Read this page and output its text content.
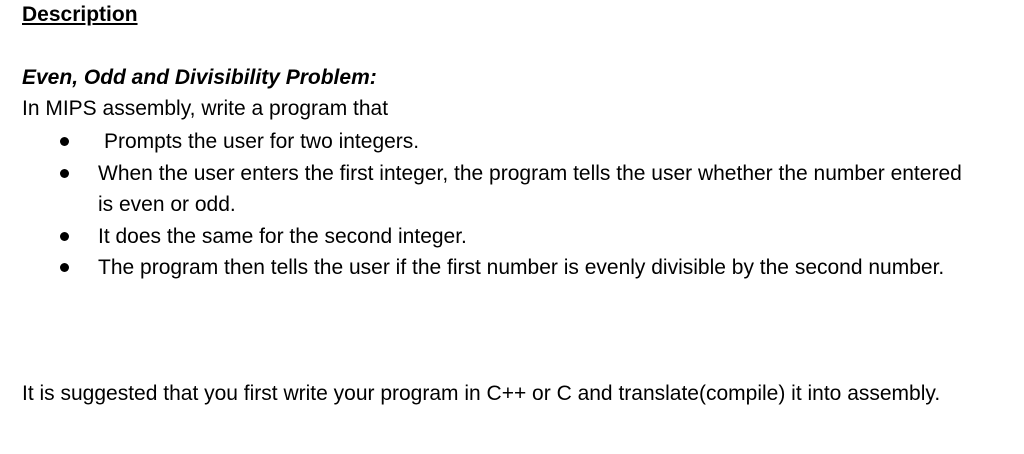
Description
Even, Odd and Divisibility Problem:
In MIPS assembly, write a program that
Prompts the user for two integers.
When the user enters the first integer, the program tells the user whether the number entered is even or odd.
It does the same for the second integer.
The program then tells the user if the first number is evenly divisible by the second number.
It is suggested that you first write your program in C++ or C and translate(compile) it into assembly.
